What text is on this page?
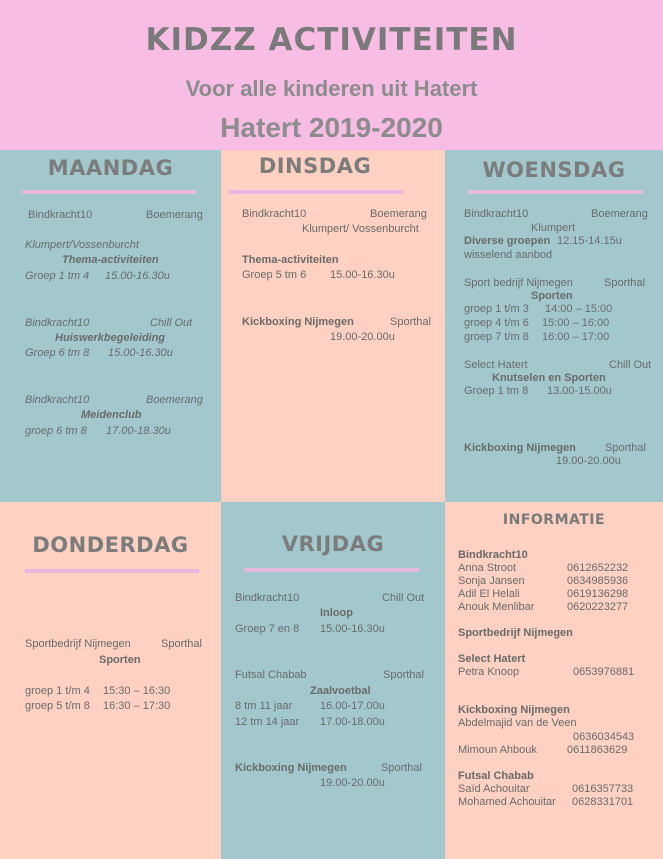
KIDZZ ACTIVITEITEN
Voor alle kinderen uit Hatert
Hatert 2019-2020
MAANDAG
Bindkracht10	Boemerang
Klumpert/Vossenburcht
Thema-activiteiten
Groep 1 tm 4 15.00-16.30u
Bindkracht10	Chill Out
Huiswerkbegeleiding
Groep 6 tm 8 15.00-16.30u
Bindkracht10	Boemerang
Meidenclub
groep 6 tm 8 17.00-18.30u
DINSDAG
Bindkracht10	Boemerang
Klumpert/ Vossenburcht
Thema-activiteiten
Groep 5 tm 6 15.00-16.30u
Kickboxing Nijmegen	Sporthal
19.00-20.00u
WOENSDAG
Bindkracht10	Boemerang
Klumpert
Diverse groepen 12.15-14.15u
wisselend aanbod
Sport bedrijf Nijmegen	Sporthal
Sporten
groep 1 t/m 3 14:00 – 15:00
groep 4 t/m 6 15:00 – 16:00
groep 7 t/m 8 16:00 – 17:00
Select Hatert	Chill Out
Knutselen en Sporten
Groep 1 tm 8 13.00-15.00u
Kickboxing Nijmegen	Sporthal
19.00-20.00u
DONDERDAG
Sportbedrijf Nijmegen	Sporthal
Sporten
groep 1 t/m 4 15:30 – 16:30
groep 5 t/m 8 16:30 – 17:30
VRIJDAG
Bindkracht10	Chill Out
Inloop
Groep 7 en 8 15.00-16.30u
Futsal Chabab	Sporthal
Zaalvoetbal
8 tm 11 jaar	16.00-17.00u
12 tm 14 jaar 17.00-18.00u
Kickboxing Nijmegen	Sporthal
19.00-20.00u
INFORMATIE
Bindkracht10
Anna Stroot	0612652232
Sonja Jansen	0634985936
Adil El Helali	0619136298
Anouk Menlibar	0620223277
Sportbedrijf Nijmegen
Select Hatert
Petra Knoop	0653976881
Kickboxing Nijmegen
Abdelmajid van de Veen
0636034543
Mimoun Ahbouk	0611863629
Futsal Chabab
Saïd Achouitar	0616357733
Mohamed Achouitar 0628331701
